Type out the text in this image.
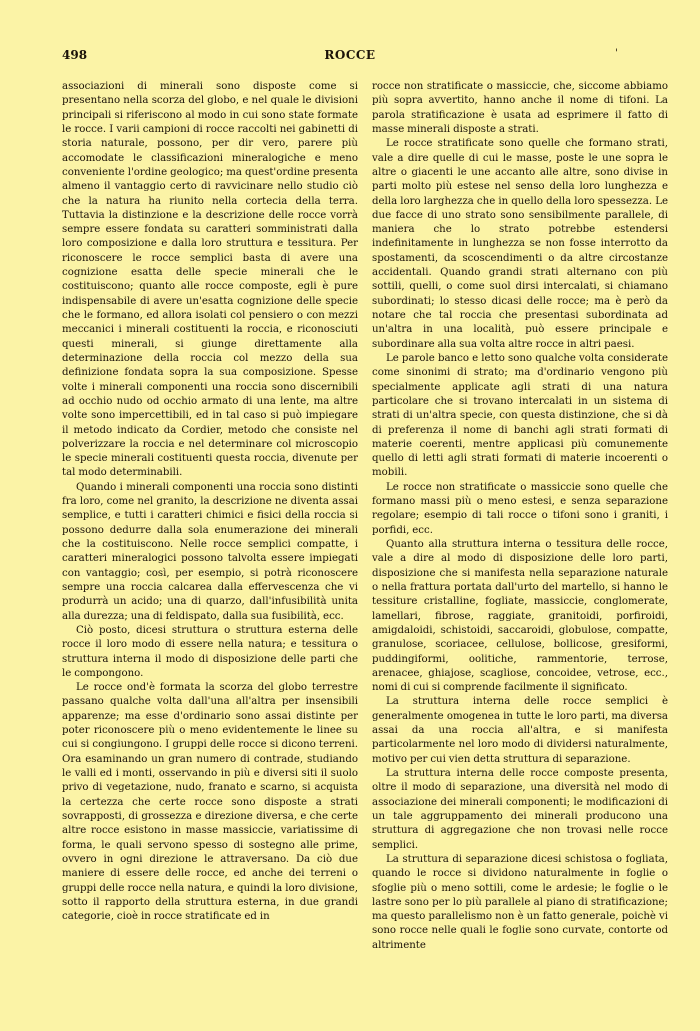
498	ROCCE	'

associazioni di minerali sono disposte come si presentano nella scorza del globo, e nel quale le divisioni principali si riferiscono al modo in cui sono state formate le rocce. I varii campioni di rocce raccolti nei gabinetti di storia naturale, possono, per dir vero, parere più accomodate le classificazioni mineralogiche e meno conveniente l'ordine geologico; ma quest'ordine presenta almeno il vantaggio certo di ravvicinare nello studio ciò che la natura ha riunito nella cortecia della terra. Tuttavia la distinzione e la descrizione delle rocce vorrà sempre essere fondata su caratteri somministrati dalla loro composizione e dalla loro struttura e tessitura. Per riconoscere le rocce semplici basta di avere una cognizione esatta delle specie minerali che le costituiscono; quanto alle rocce composte, egli è pure indispensabile di avere un'esatta cognizione delle specie che le formano, ed allora isolati col pensiero o con mezzi meccanici i minerali costituenti la roccia, e riconosciuti questi minerali, si giunge direttamente alla determinazione della roccia col mezzo della sua definizione fondata sopra la sua composizione. Spesse volte i minerali componenti una roccia sono discernibili ad occhio nudo od occhio armato di una lente, ma altre volte sono impercettibili, ed in tal caso si può impiegare il metodo indicato da Cordier, metodo che consiste nel polverizzare la roccia e nel determinare col microscopio le specie minerali costituenti questa roccia, divenute per tal modo determinabili.

Quando i minerali componenti una roccia sono distinti fra loro, come nel granito, la descrizione ne diventa assai semplice, e tutti i caratteri chimici e fisici della roccia si possono dedurre dalla sola enumerazione dei minerali che la costituiscono. Nelle rocce semplici compatte, i caratteri mineralogici possono talvolta essere impiegati con vantaggio; così, per esempio, si potrà riconoscere sempre una roccia calcarea dalla effervescenza che vi produrrà un acido; una di quarzo, dall'infusibilità unita alla durezza; una di feldispato, dalla sua fusibilità, ecc.

Ciò posto, dicesi struttura o struttura esterna delle rocce il loro modo di essere nella natura; e tessitura o struttura interna il modo di disposizione delle parti che le compongono.

Le rocce ond'è formata la scorza del globo terrestre passano qualche volta dall'una all'altra per insensibili apparenze; ma esse d'ordinario sono assai distinte per poter riconoscere più o meno evidentemente le linee su cui si congiungono. I gruppi delle rocce si dicono terreni. Ora esaminando un gran numero di contrade, studiando le valli ed i monti, osservando in più e diversi siti il suolo privo di vegetazione, nudo, franato e scarno, si acquista la certezza che certe rocce sono disposte a strati sovrapposti, di grossezza e direzione diversa, e che certe altre rocce esistono in masse massiccie, variatissime di forma, le quali servono spesso di sostegno alle prime, ovvero in ogni direzione le attraversano. Da ciò due maniere di essere delle rocce, ed anche dei terreni o gruppi delle rocce nella natura, e quindi la loro divisione, sotto il rapporto della struttura esterna, in due grandi categorie, cioè in rocce stratificate ed in

rocce non stratificate o massiccie, che, siccome abbiamo più sopra avvertito, hanno anche il nome di tifoni. La parola stratificazione è usata ad esprimere il fatto di masse minerali disposte a strati.

Le rocce stratificate sono quelle che formano strati, vale a dire quelle di cui le masse, poste le une sopra le altre o giacenti le une accanto alle altre, sono divise in parti molto più estese nel senso della loro lunghezza e della loro larghezza che in quello della loro spessezza. Le due facce di uno strato sono sensibilmente parallele, di maniera che lo strato potrebbe estendersi indefinitamente in lunghezza se non fosse interrotto da spostamenti, da scoscendimenti o da altre circostanze accidentali. Quando grandi strati alternano con più sottili, quelli, o come suol dirsi intercalati, si chiamano subordinati; lo stesso dicasi delle rocce; ma è però da notare che tal roccia che presentasi subordinata ad un'altra in una località, può essere principale e subordinare alla sua volta altre rocce in altri paesi.

Le parole banco e letto sono qualche volta considerate come sinonimi di strato; ma d'ordinario vengono più specialmente applicate agli strati di una natura particolare che si trovano intercalati in un sistema di strati di un'altra specie, con questa distinzione, che si dà di preferenza il nome di banchi agli strati formati di materie coerenti, mentre applicasi più comunemente quello di letti agli strati formati di materie incoerenti o mobili.

Le rocce non stratificate o massiccie sono quelle che formano massi più o meno estesi, e senza separazione regolare; esempio di tali rocce o tifoni sono i graniti, i porfidi, ecc.

Quanto alla struttura interna o tessitura delle rocce, vale a dire al modo di disposizione delle loro parti, disposizione che si manifesta nella separazione naturale o nella frattura portata dall'urto del martello, si hanno le tessiture cristalline, fogliate, massiccie, conglomerate, lamellari, fibrose, raggiate, granitoidi, porfiroidi, amigdaloidi, schistoidi, saccaroidi, globulose, compatte, granulose, scoriacee, cellulose, bollicose, gresiformi, puddingiformi, oolitiche, rammentorie, terrose, arenacee, ghiajose, scagliose, concoidee, vetrose, ecc., nomi di cui si comprende facilmente il significato.

La struttura interna delle rocce semplici è generalmente omogenea in tutte le loro parti, ma diversa assai da una roccia all'altra, e si manifesta particolarmente nel loro modo di dividersi naturalmente, motivo per cui vien detta struttura di separazione.

La struttura interna delle rocce composte presenta, oltre il modo di separazione, una diversità nel modo di associazione dei minerali componenti; le modificazioni di un tale aggruppamento dei minerali producono una struttura di aggregazione che non trovasi nelle rocce semplici.

La struttura di separazione dicesi schistosa o fogliata, quando le rocce si dividono naturalmente in foglie o sfoglie più o meno sottili, come le ardesie; le foglie o le lastre sono per lo più parallele al piano di stratificazione; ma questo parallelismo non è un fatto generale, poichè vi sono rocce nelle quali le foglie sono curvate, contorte od altrimente
